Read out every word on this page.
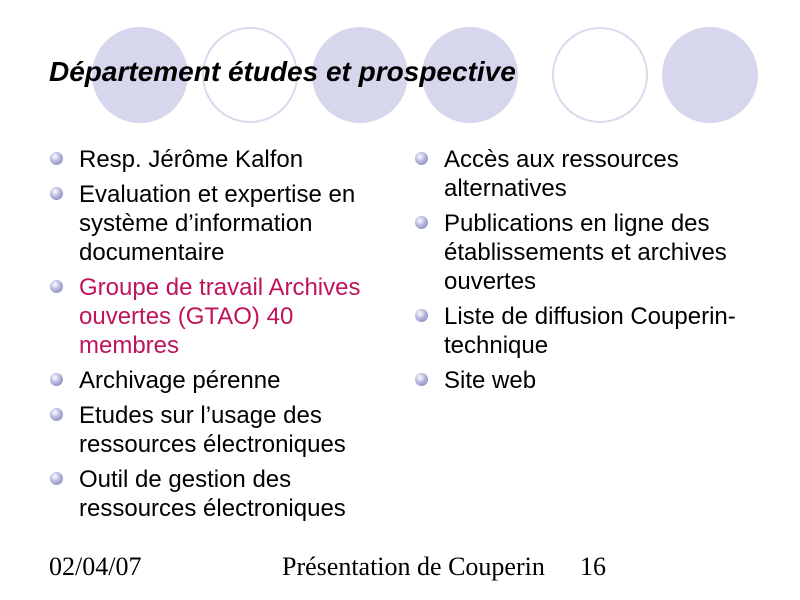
Département études et prospective
Resp. Jérôme Kalfon
Evaluation et expertise en système d’information documentaire
Groupe de travail Archives ouvertes (GTAO) 40 membres
Archivage pérenne
Etudes sur l’usage des ressources électroniques
Outil de gestion des ressources électroniques
Accès aux ressources alternatives
Publications en ligne des établissements et archives ouvertes
Liste de diffusion Couperin-technique
Site web
02/04/07	Présentation de Couperin 16
